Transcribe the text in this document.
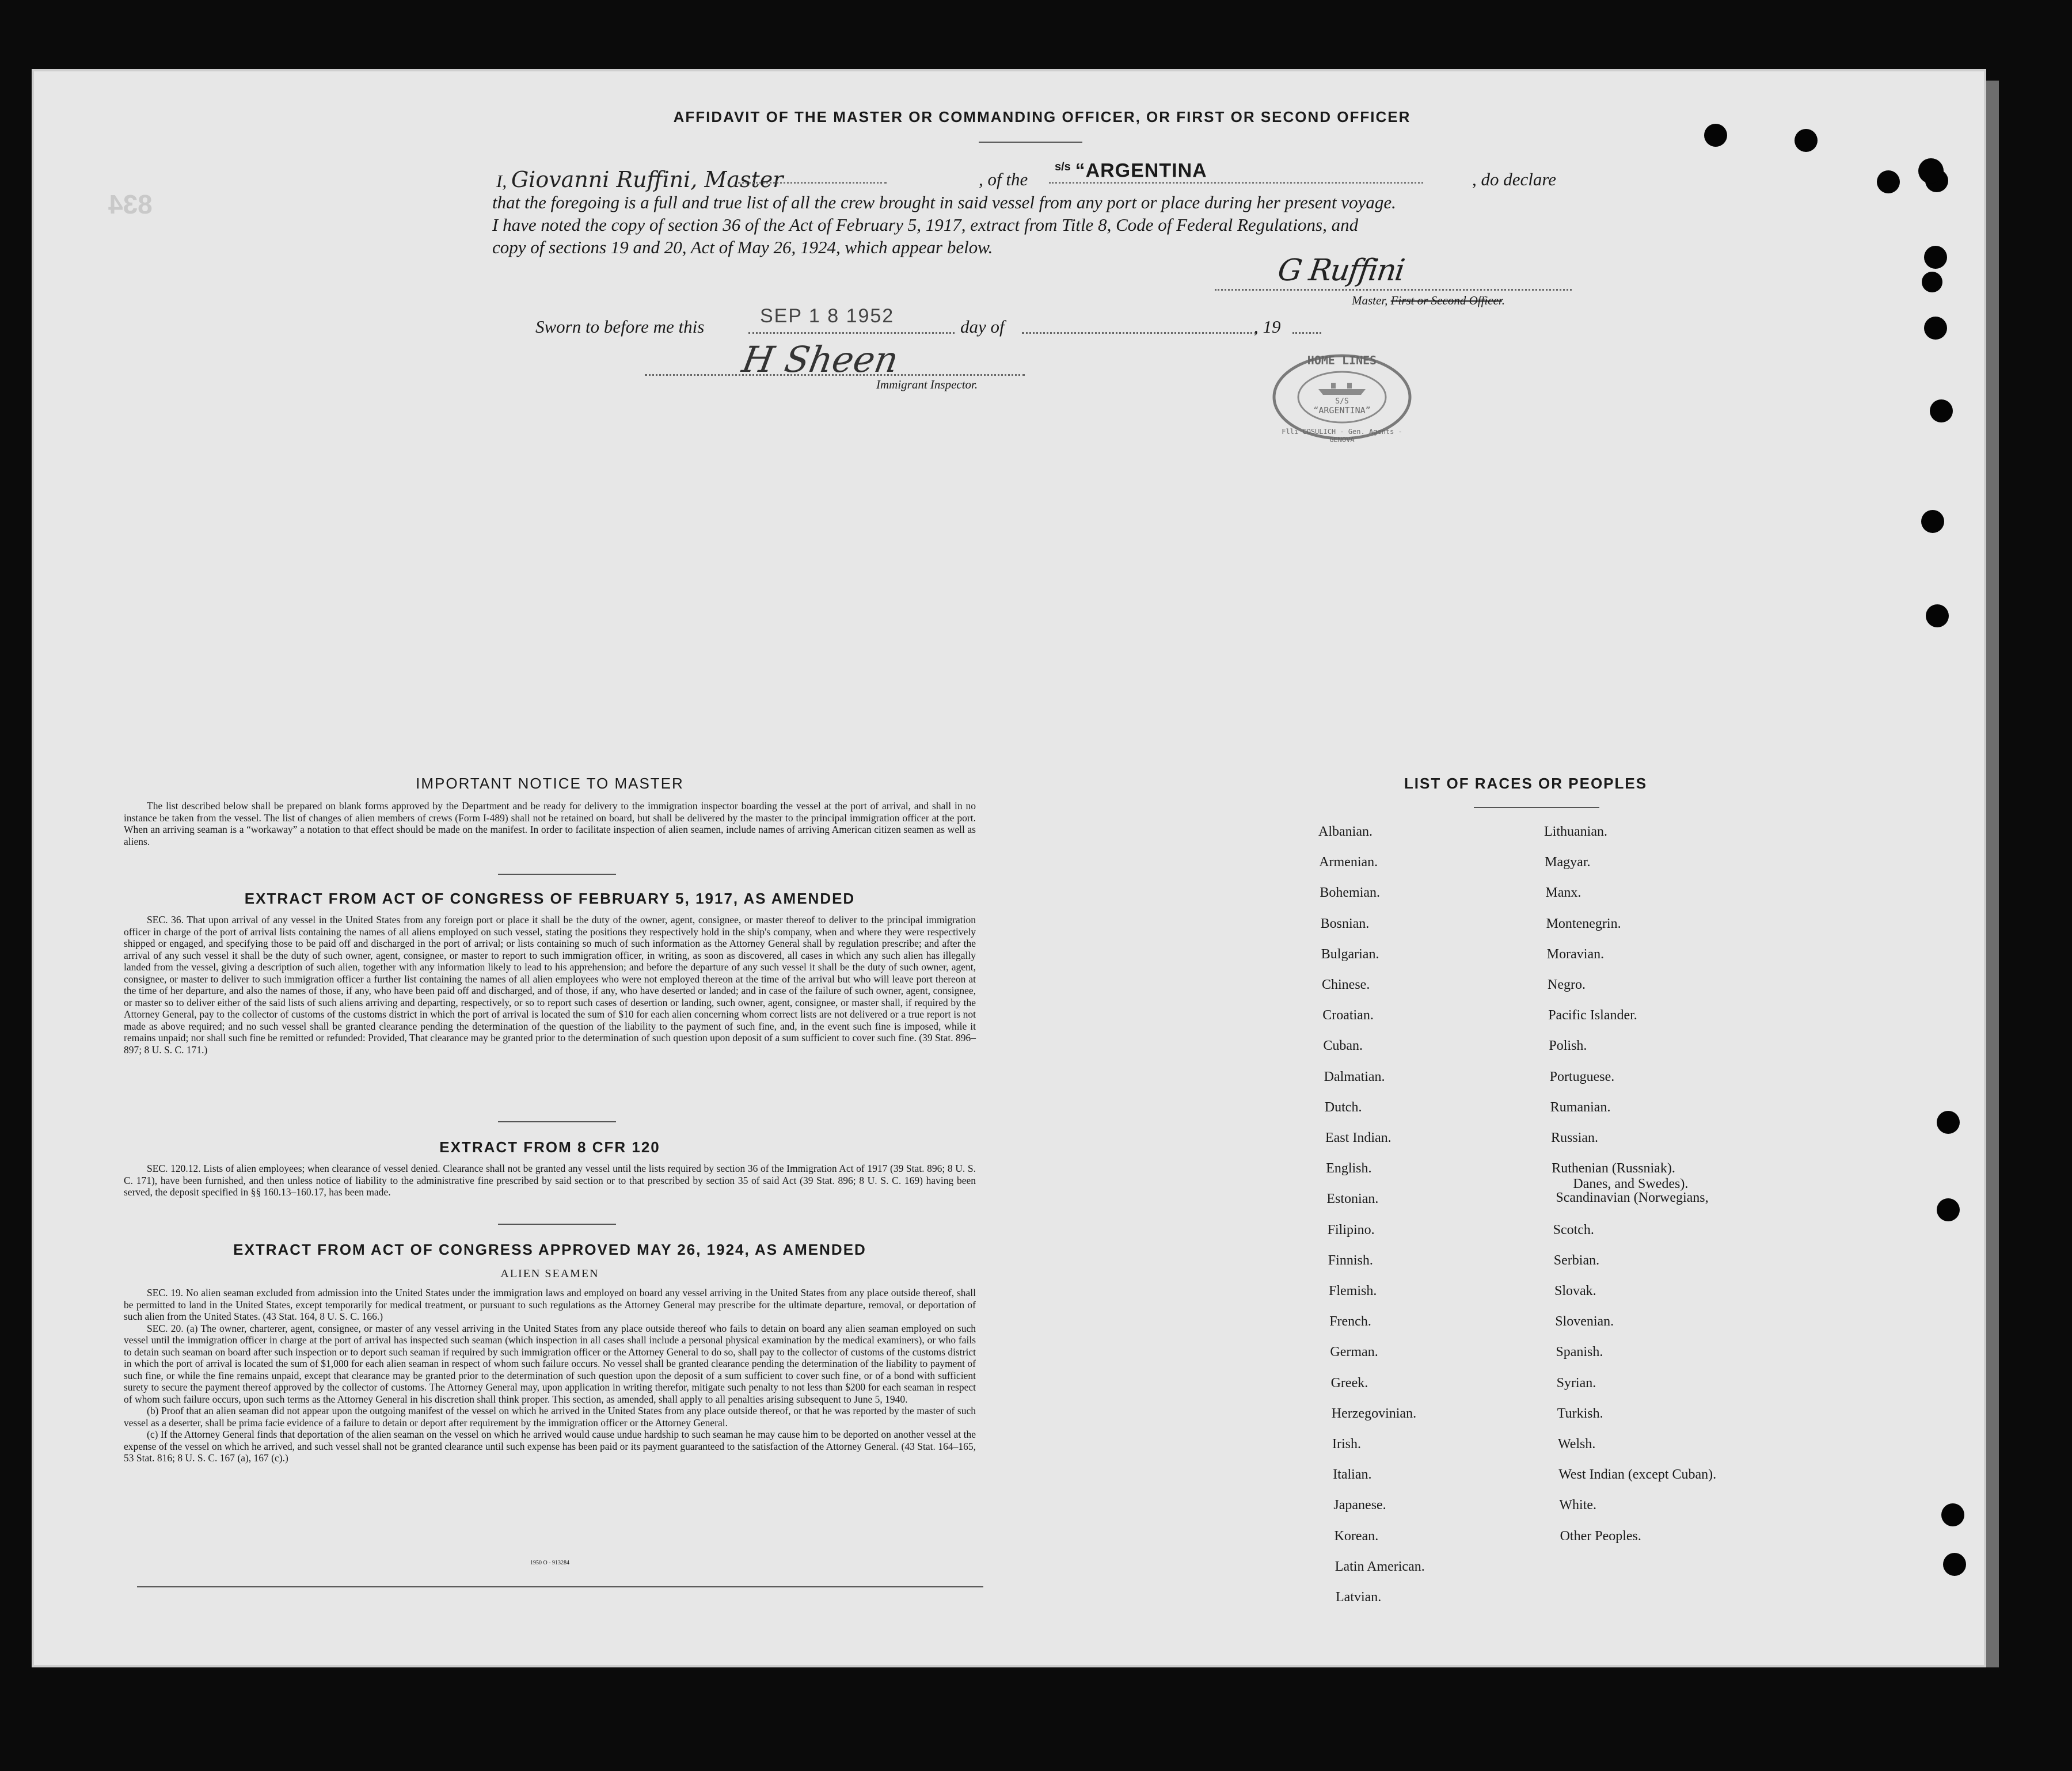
834
AFFIDAVIT OF THE MASTER OR COMMANDING OFFICER, OR FIRST OR SECOND OFFICER
I, Giovanni Ruffini, Master	, of the
$^{s/s}$ “ARGENTINA	, do declare
that the foregoing is a full and true list of all the crew brought in said vessel from any port or place during her present voyage.
I have noted the copy of section 36 of the Act of February 5, 1917, extract from Title 8, Code of Federal Regulations, and
copy of sections 19 and 20, Act of May 26, 1924, which appear below.
G Ruffini
Master, First or Second Officer.
Sworn to before me this	SEP 1 8 1952	day of	, 19
H Sheen
Immigrant Inspector.
HOME LINES
S/S
“ARGENTINA”
Flli COSULICH - Gen. Agents - GENOVA
IMPORTANT NOTICE TO MASTER

The list described below shall be prepared on blank forms approved by the Department and be ready for delivery to the immigration inspector boarding the vessel at the port of arrival, and shall in no instance be taken from the vessel. The list of changes of alien members of crews (Form I-489) shall not be retained on board, but shall be delivered by the master to the principal immigration officer at the port. When an arriving seaman is a “workaway” a notation to that effect should be made on the manifest. In order to facilitate inspection of alien seamen, include names of arriving American citizen seamen as well as aliens.

EXTRACT FROM ACT OF CONGRESS OF FEBRUARY 5, 1917, AS AMENDED

SEC. 36. That upon arrival of any vessel in the United States from any foreign port or place it shall be the duty of the owner, agent, consignee, or master thereof to deliver to the principal immigration officer in charge of the port of arrival lists containing the names of all aliens employed on such vessel, stating the positions they respectively hold in the ship's company, when and where they were respectively shipped or engaged, and specifying those to be paid off and discharged in the port of arrival; or lists containing so much of such information as the Attorney General shall by regulation prescribe; and after the arrival of any such vessel it shall be the duty of such owner, agent, consignee, or master to report to such immigration officer, in writing, as soon as discovered, all cases in which any such alien has illegally landed from the vessel, giving a description of such alien, together with any information likely to lead to his apprehension; and before the departure of any such vessel it shall be the duty of such owner, agent, consignee, or master to deliver to such immigration officer a further list containing the names of all alien employees who were not employed thereon at the time of the arrival but who will leave port thereon at the time of her departure, and also the names of those, if any, who have been paid off and discharged, and of those, if any, who have deserted or landed; and in case of the failure of such owner, agent, consignee, or master so to deliver either of the said lists of such aliens arriving and departing, respectively, or so to report such cases of desertion or landing, such owner, agent, consignee, or master shall, if required by the Attorney General, pay to the collector of customs of the customs district in which the port of arrival is located the sum of $10 for each alien concerning whom correct lists are not delivered or a true report is not made as above required; and no such vessel shall be granted clearance pending the determination of the question of the liability to the payment of such fine, and, in the event such fine is imposed, while it remains unpaid; nor shall such fine be remitted or refunded: Provided, That clearance may be granted prior to the determination of such question upon deposit of a sum sufficient to cover such fine. (39 Stat. 896–897; 8 U. S. C. 171.)

EXTRACT FROM 8 CFR 120

SEC. 120.12. Lists of alien employees; when clearance of vessel denied. Clearance shall not be granted any vessel until the lists required by section 36 of the Immigration Act of 1917 (39 Stat. 896; 8 U. S. C. 171), have been furnished, and then unless notice of liability to the administrative fine prescribed by said section or to that prescribed by section 35 of said Act (39 Stat. 896; 8 U. S. C. 169) having been served, the deposit specified in §§ 160.13–160.17, has been made.

EXTRACT FROM ACT OF CONGRESS APPROVED MAY 26, 1924, AS AMENDED
ALIEN SEAMEN

SEC. 19. No alien seaman excluded from admission into the United States under the immigration laws and employed on board any vessel arriving in the United States from any place outside thereof, shall be permitted to land in the United States, except temporarily for medical treatment, or pursuant to such regulations as the Attorney General may prescribe for the ultimate departure, removal, or deportation of such alien from the United States. (43 Stat. 164, 8 U. S. C. 166.)

SEC. 20. (a) The owner, charterer, agent, consignee, or master of any vessel arriving in the United States from any place outside thereof who fails to detain on board any alien seaman employed on such vessel until the immigration officer in charge at the port of arrival has inspected such seaman (which inspection in all cases shall include a personal physical examination by the medical examiners), or who fails to detain such seaman on board after such inspection or to deport such seaman if required by such immigration officer or the Attorney General to do so, shall pay to the collector of customs of the customs district in which the port of arrival is located the sum of $1,000 for each alien seaman in respect of whom such failure occurs. No vessel shall be granted clearance pending the determination of the liability to payment of such fine, or while the fine remains unpaid, except that clearance may be granted prior to the determination of such question upon the deposit of a sum sufficient to cover such fine, or of a bond with sufficient surety to secure the payment thereof approved by the collector of customs. The Attorney General may, upon application in writing therefor, mitigate such penalty to not less than $200 for each seaman in respect of whom such failure occurs, upon such terms as the Attorney General in his discretion shall think proper. This section, as amended, shall apply to all penalties arising subsequent to June 5, 1940.

(b) Proof that an alien seaman did not appear upon the outgoing manifest of the vessel on which he arrived in the United States from any place outside thereof, or that he was reported by the master of such vessel as a deserter, shall be prima facie evidence of a failure to detain or deport after requirement by the immigration officer or the Attorney General.

(c) If the Attorney General finds that deportation of the alien seaman on the vessel on which he arrived would cause undue hardship to such seaman he may cause him to be deported on another vessel at the expense of the vessel on which he arrived, and such vessel shall not be granted clearance until such expense has been paid or its payment guaranteed to the satisfaction of the Attorney General. (43 Stat. 164–165, 53 Stat. 816; 8 U. S. C. 167 (a), 167 (c).)

1950 O - 913284
LIST OF RACES OR PEOPLES
Albanian.
Armenian.
Bohemian.
Bosnian.
Bulgarian.
Chinese.
Croatian.
Cuban.
Dalmatian.
Dutch.
East Indian.
English.
Estonian.
Filipino.
Finnish.
Flemish.
French.
German.
Greek.
Herzegovinian.
Irish.
Italian.
Japanese.
Korean.
Latin American.
Latvian.
Lithuanian.
Magyar.
Manx.
Montenegrin.
Moravian.
Negro.
Pacific Islander.
Polish.
Portuguese.
Rumanian.
Russian.
Ruthenian (Russniak).
Scandinavian (Norwegians,
Danes, and Swedes).
Scotch.
Serbian.
Slovak.
Slovenian.
Spanish.
Syrian.
Turkish.
Welsh.
West Indian (except Cuban).
White.
Other Peoples.
